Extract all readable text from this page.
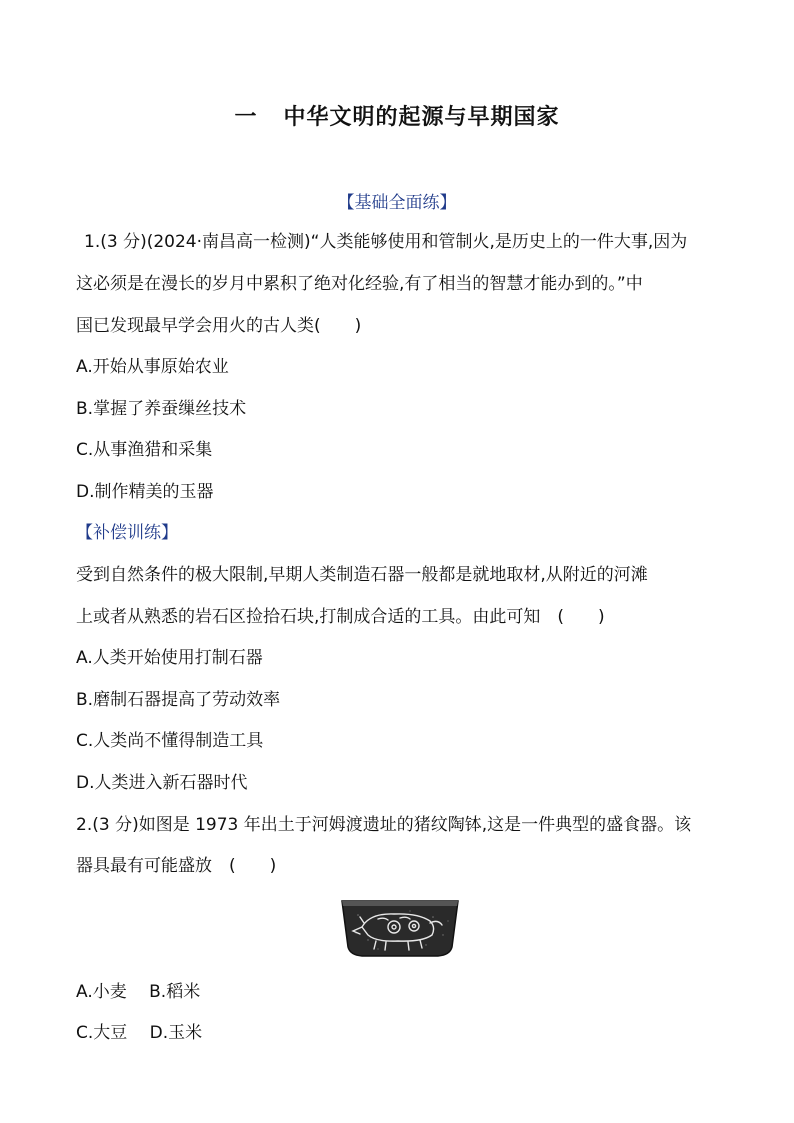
一 中华文明的起源与早期国家
【基础全面练】
1.(3 分)(2024·南昌高一检测)“人类能够使用和管制火,是历史上的一件大事,因为
这必须是在漫长的岁月中累积了绝对化经验,有了相当的智慧才能办到的。”中
国已发现最早学会用火的古人类(　　)
A.开始从事原始农业
B.掌握了养蚕缫丝技术
C.从事渔猎和采集
D.制作精美的玉器
【补偿训练】
受到自然条件的极大限制,早期人类制造石器一般都是就地取材,从附近的河滩
上或者从熟悉的岩石区捡拾石块,打制成合适的工具。由此可知　(　　)
A.人类开始使用打制石器
B.磨制石器提高了劳动效率
C.人类尚不懂得制造工具
D.人类进入新石器时代
2.(3 分)如图是 1973 年出土于河姆渡遗址的猪纹陶钵,这是一件典型的盛食器。该
器具最有可能盛放　(　　)
A.小麦　 B.稻米
C.大豆　 D.玉米
